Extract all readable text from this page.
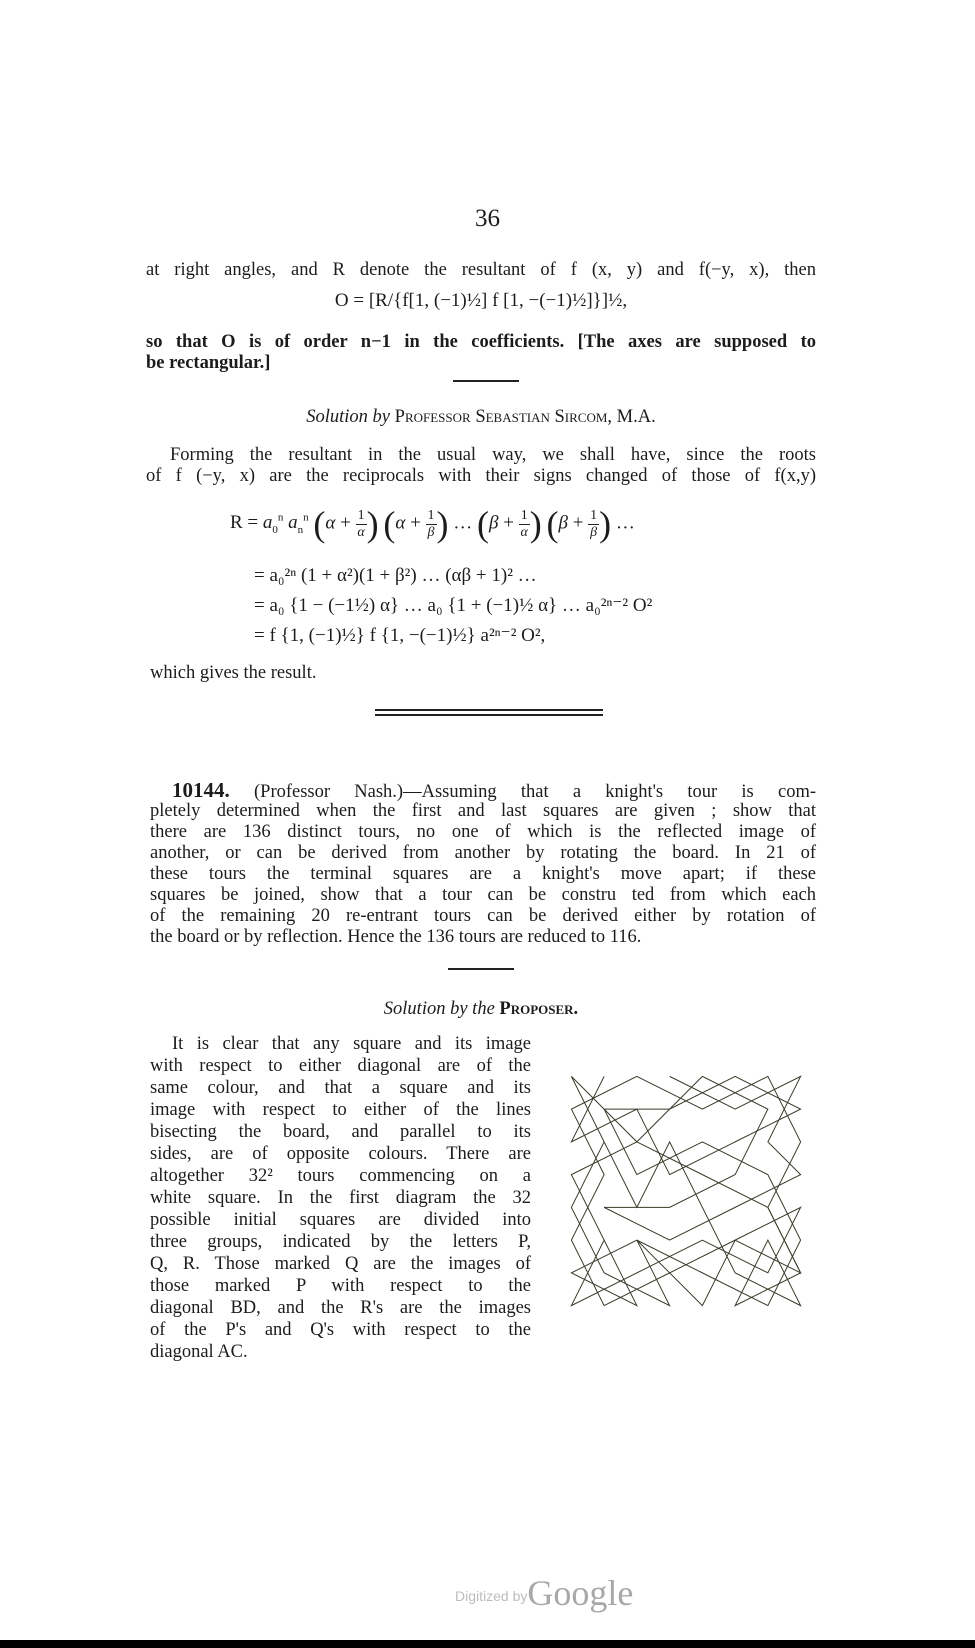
36
at right angles, and R denote the resultant of f (x, y) and f(−y, x), then
O = [R/{f[1, (−1)½] f [1, −(−1)½]}]½,
so that O is of order n−1 in the coefficients. [The axes are supposed to
be rectangular.]
Solution by Professor Sebastian Sircom, M.A.
Forming the resultant in the usual way, we shall have, since the roots
of f (−y, x) are the reciprocals with their signs changed of those of f(x,y)
$R = a_0^n$ $a_n^n$ ($\alpha + \frac{1}{\alpha}$ ) ($\alpha + \frac{1}{\beta}$ ) … ($\beta + \frac{1}{\alpha}$ ) ($\beta + \frac{1}{\beta}$ ) …
= a₀²ⁿ (1 + α²)(1 + β²) … (αβ + 1)² …
= a₀ {1 − (−1½) α} … a₀ {1 + (−1)½ α} … a₀²ⁿ⁻² O²
= f {1, (−1)½} f {1, −(−1)½} a²ⁿ⁻² O²,
which gives the result.
10144. (Professor Nash.)—Assuming that a knight's tour is com-
pletely determined when the first and last squares are given ; show that
there are 136 distinct tours, no one of which is the reflected image of
another, or can be derived from another by rotating the board. In 21 of
these tours the terminal squares are a knight's move apart; if these
squares be joined, show that a tour can be constru ted from which each
of the remaining 20 re-entrant tours can be derived either by rotation of
the board or by reflection. Hence the 136 tours are reduced to 116.
Solution by the Proposer.
It is clear that any square and its image
with respect to either diagonal are of the
same colour, and that a square and its
image with respect to either of the lines
bisecting the board, and parallel to its
sides, are of opposite colours. There are
altogether 32² tours commencing on a
white square. In the first diagram the 32
possible initial squares are divided into
three groups, indicated by the letters P,
Q, R. Those marked Q are the images of
those marked P with respect to the
diagonal BD, and the R's are the images
of the P's and Q's with respect to the
diagonal AC.
Digitized byGoogle
